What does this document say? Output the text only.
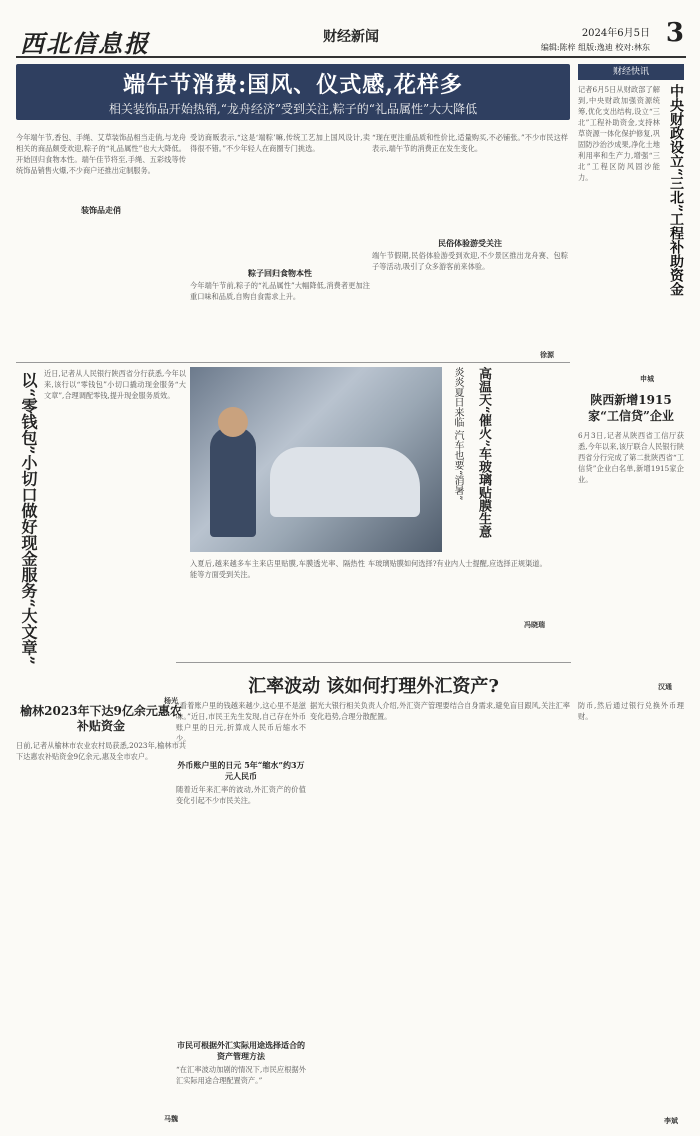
西北信息报	财经新闻	2024年6月5日 3
编辑:陈梓 组版:逸迪 校对:林东
端午节消费:国风、仪式感,花样多
相关装饰品开始热销,“龙舟经济”受到关注,粽子的“礼品属性”大大降低
财经快讯
中央财政设立“三北”工程补助资金
记者6月5日从财政部了解到,中央财政加强资源统筹,优化支出结构,设立“三北”工程补助资金,支持林草资源一体化保护修复,巩固防沙治沙成果,净化土地利用率和生产力,增强“三北”工程区防风固沙能力。
申城
今年端午节,香包、手绳、艾草装饰品相当走俏,与龙舟相关的商品颇受欢迎,粽子的“礼品属性”也大大降低。开始回归食物本性。端午佳节将至,手绳、五彩线等传统饰品销售火爆,不少商户还推出定制服务。
装饰品走俏
受访商贩表示,“这是‘端粽’嘛,传统工艺加上国风设计,卖得很不错。”不少年轻人在商圈专门挑选。
粽子回归食物本性
今年端午节前,粽子的“礼品属性”大幅降低,消费者更加注重口味和品质,自购自食需求上升。
“现在更注重品质和性价比,适量购买,不必铺张。”不少市民这样表示,端午节的消费正在发生变化。
民俗体验游受关注
端午节假期,民俗体验游受到欢迎,不少景区推出龙舟赛、包粽子等活动,吸引了众多游客前来体验。
徐源
以“零钱包”小切口做好现金服务“大文章” 近日,记者从人民银行陕西省分行获悉,今年以来,该行以“零钱包”小切口撬动现金服务“大文章”,合理调配零钱,提升现金服务质效。
杨光
高温天“催火”车玻璃贴膜生意
炎炎夏日来临 汽车也要“消暑”
入夏后,越来越多车主来店里贴膜,车膜透光率、隔热性能等方面受到关注。
车玻璃贴膜如何选择?有业内人士提醒,应选择正规渠道。
冯晓瑞
陕西新增1915家“工信贷”企业
6月3日,记者从陕西省工信厅获悉,今年以来,该厅联合人民银行陕西省分行完成了第二批陕西省“工信贷”企业白名单,新增1915家企业。
汉通
汇率波动 该如何打理外汇资产?
“看着账户里的钱越来越少,这心里不是滋味。”近日,市民王先生发现,自己存在外币账户里的日元,折算成人民币后缩水不少。
外币账户里的日元 5年“缩水”约3万元人民币
随着近年来汇率的波动,外汇资产的价值变化引起不少市民关注。
市民可根据外汇实际用途选择适合的资产管理方法
“在汇率波动加剧的情况下,市民应根据外汇实际用途合理配置资产。”
据光大银行相关负责人介绍,外汇资产管理要结合自身需求,避免盲目跟风,关注汇率变化趋势,合理分散配置。
防币,然后通过银行兑换外币理财。
李斌
榆林2023年下达9亿余元惠农补贴资金
日前,记者从榆林市农业农村局获悉,2023年,榆林市共下达惠农补贴资金9亿余元,惠及全市农户。
马魏
